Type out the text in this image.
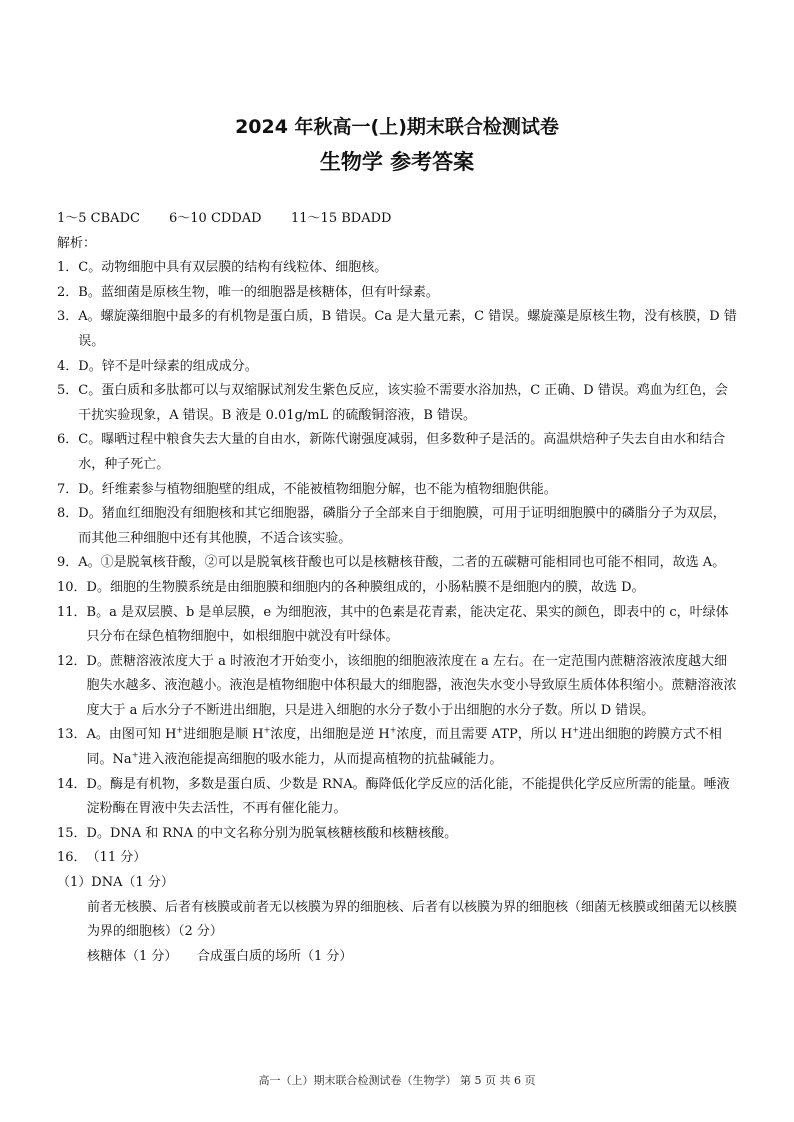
2024 年秋高一(上)期末联合检测试卷
生物学 参考答案

1～5 CBADC 6～10 CDDAD 11～15 BDADD

解析：

1． C。动物细胞中具有双层膜的结构有线粒体、细胞核。
2． B。蓝细菌是原核生物，唯一的细胞器是核糖体，但有叶绿素。
3． A。螺旋藻细胞中最多的有机物是蛋白质，B 错误。Ca 是大量元素，C 错误。螺旋藻是原核生物，没有核膜，D 错误。
4． D。锌不是叶绿素的组成成分。
5． C。蛋白质和多肽都可以与双缩脲试剂发生紫色反应，该实验不需要水浴加热，C 正确、D 错误。鸡血为红色，会干扰实验现象，A 错误。B 液是 0.01g/mL 的硫酸铜溶液，B 错误。
6． C。曝晒过程中粮食失去大量的自由水，新陈代谢强度减弱，但多数种子是活的。高温烘焙种子失去自由水和结合水，种子死亡。
7． D。纤维素参与植物细胞壁的组成，不能被植物细胞分解，也不能为植物细胞供能。
8． D。猪血红细胞没有细胞核和其它细胞器，磷脂分子全部来自于细胞膜，可用于证明细胞膜中的磷脂分子为双层，而其他三种细胞中还有其他膜，不适合该实验。
9． A。①是脱氧核苷酸，②可以是脱氧核苷酸也可以是核糖核苷酸，二者的五碳糖可能相同也可能不相同，故选 A。
10． D。细胞的生物膜系统是由细胞膜和细胞内的各种膜组成的，小肠粘膜不是细胞内的膜，故选 D。
11． B。a 是双层膜、b 是单层膜，e 为细胞液，其中的色素是花青素，能决定花、果实的颜色，即表中的 c，叶绿体只分布在绿色植物细胞中，如根细胞中就没有叶绿体。
12． D。蔗糖溶液浓度大于 a 时液泡才开始变小，该细胞的细胞液浓度在 a 左右。在一定范围内蔗糖溶液浓度越大细胞失水越多、液泡越小。液泡是植物细胞中体积最大的细胞器，液泡失水变小导致原生质体体积缩小。蔗糖溶液浓度大于 a 后水分子不断进出细胞，只是进入细胞的水分子数小于出细胞的水分子数。所以 D 错误。
13． A。由图可知 H+进细胞是顺 H+浓度，出细胞是逆 H+浓度，而且需要 ATP，所以 H+进出细胞的跨膜方式不相同。Na+进入液泡能提高细胞的吸水能力，从而提高植物的抗盐碱能力。
14． D。酶是有机物，多数是蛋白质、少数是 RNA。酶降低化学反应的活化能，不能提供化学反应所需的能量。唾液淀粉酶在胃液中失去活性，不再有催化能力。
15． D。DNA 和 RNA 的中文名称分别为脱氧核糖核酸和核糖核酸。
16． （11 分）

（1）DNA（1 分）

前者无核膜、后者有核膜或前者无以核膜为界的细胞核、后者有以核膜为界的细胞核（细菌无核膜或细菌无以核膜为界的细胞核）（2 分）

核糖体（1 分） 合成蛋白质的场所（1 分）

高一（上）期末联合检测试卷（生物学） 第 5 页 共 6 页
